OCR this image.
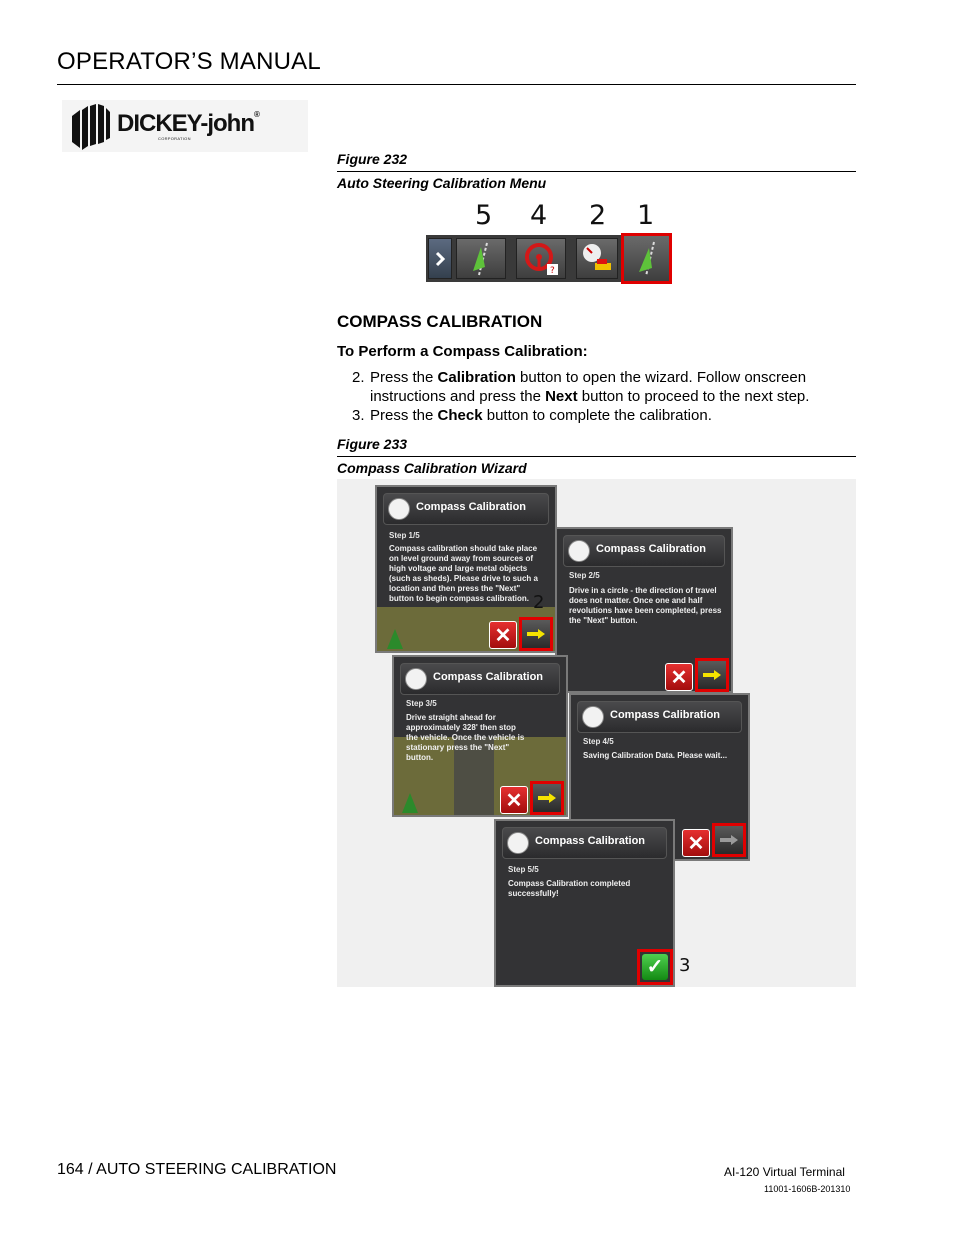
OPERATOR’S MANUAL
DICKEY-john®
CORPORATION
Figure 232
Auto Steering Calibration Menu
5 4 2 1
?
COMPASS CALIBRATION
To Perform a Compass Calibration:
2. Press the Calibration button to open the wizard. Follow onscreen instructions and press the Next button to proceed to the next step.
3. Press the Check button to complete the calibration.
Figure 233
Compass Calibration Wizard
Compass Calibration
Step 1/5
Compass calibration should take place on level ground away from sources of high voltage and large metal objects (such as sheds). Please drive to such a location and then press the "Next" button to begin compass calibration.
✕
2
Compass Calibration
Step 2/5
Drive in a circle - the direction of travel does not matter. Once one and half revolutions have been completed, press the "Next" button.
✕
Compass Calibration
Step 3/5
Drive straight ahead for approximately 328' then stop the vehicle. Once the vehicle is stationary press the "Next" button.
✕
Compass Calibration
Step 4/5
Saving Calibration Data. Please wait...
✕
Compass Calibration
Step 5/5
Compass Calibration completed successfully!
✓ 3
164 / AUTO STEERING CALIBRATION	AI-120 Virtual Terminal
11001-1606B-201310
